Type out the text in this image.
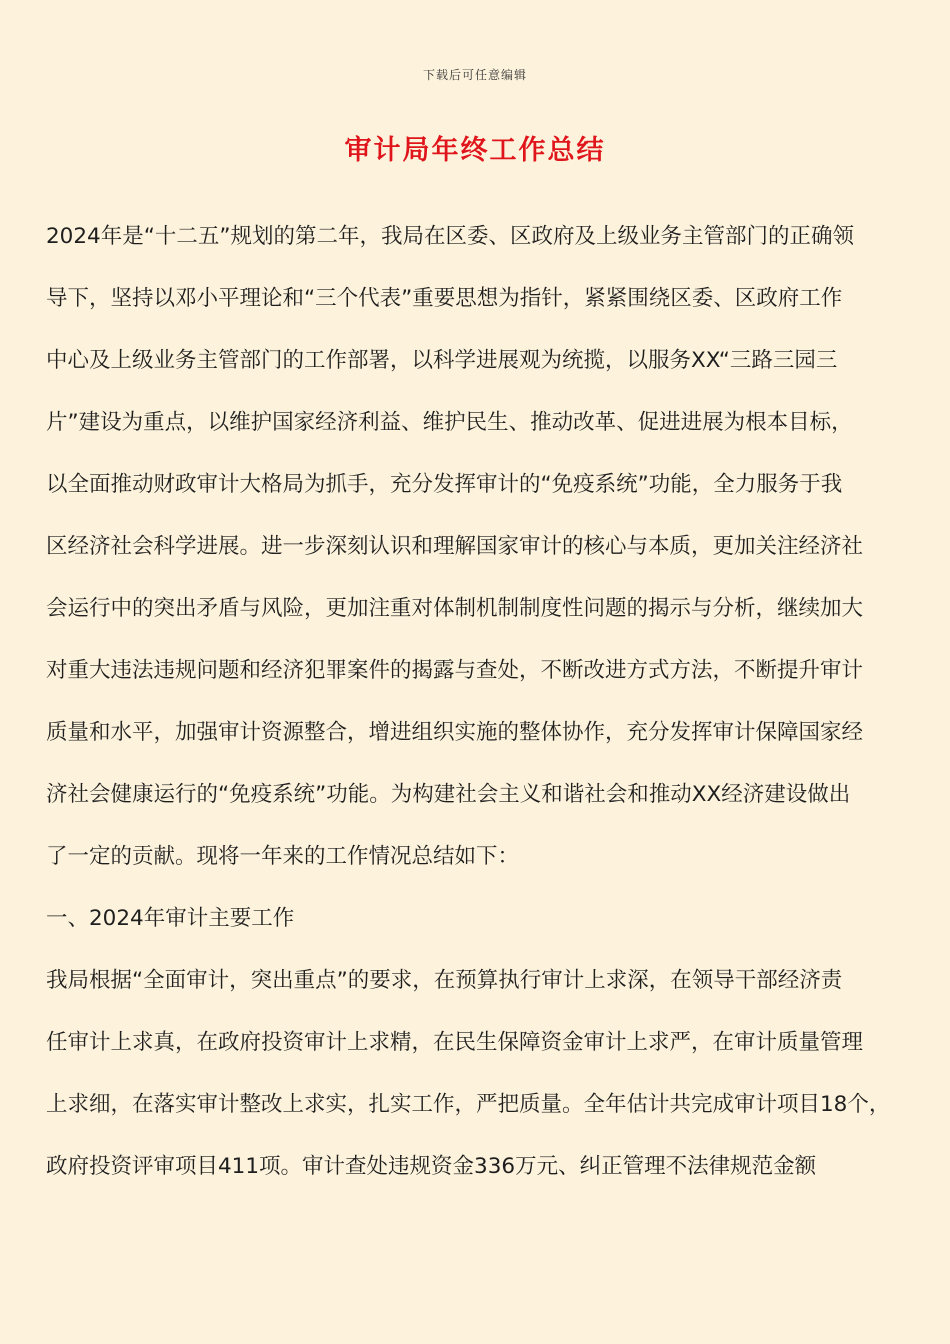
下载后可任意编辑
审计局年终工作总结
2024年是“十二五”规划的第二年，我局在区委、区政府及上级业务主管部门的正确领
导下，坚持以邓小平理论和“三个代表”重要思想为指针，紧紧围绕区委、区政府工作
中心及上级业务主管部门的工作部署，以科学进展观为统揽，以服务XX“三路三园三
片”建设为重点，以维护国家经济利益、维护民生、推动改革、促进进展为根本目标，
以全面推动财政审计大格局为抓手，充分发挥审计的“免疫系统”功能，全力服务于我
区经济社会科学进展。进一步深刻认识和理解国家审计的核心与本质，更加关注经济社
会运行中的突出矛盾与风险，更加注重对体制机制制度性问题的揭示与分析，继续加大
对重大违法违规问题和经济犯罪案件的揭露与查处，不断改进方式方法，不断提升审计
质量和水平，加强审计资源整合，增进组织实施的整体协作，充分发挥审计保障国家经
济社会健康运行的“免疫系统”功能。为构建社会主义和谐社会和推动XX经济建设做出
了一定的贡献。现将一年来的工作情况总结如下：
一、2024年审计主要工作
我局根据“全面审计，突出重点”的要求，在预算执行审计上求深，在领导干部经济责
任审计上求真，在政府投资审计上求精，在民生保障资金审计上求严，在审计质量管理
上求细，在落实审计整改上求实，扎实工作，严把质量。全年估计共完成审计项目18个，
政府投资评审项目411项。审计查处违规资金336万元、纠正管理不法律规范金额
